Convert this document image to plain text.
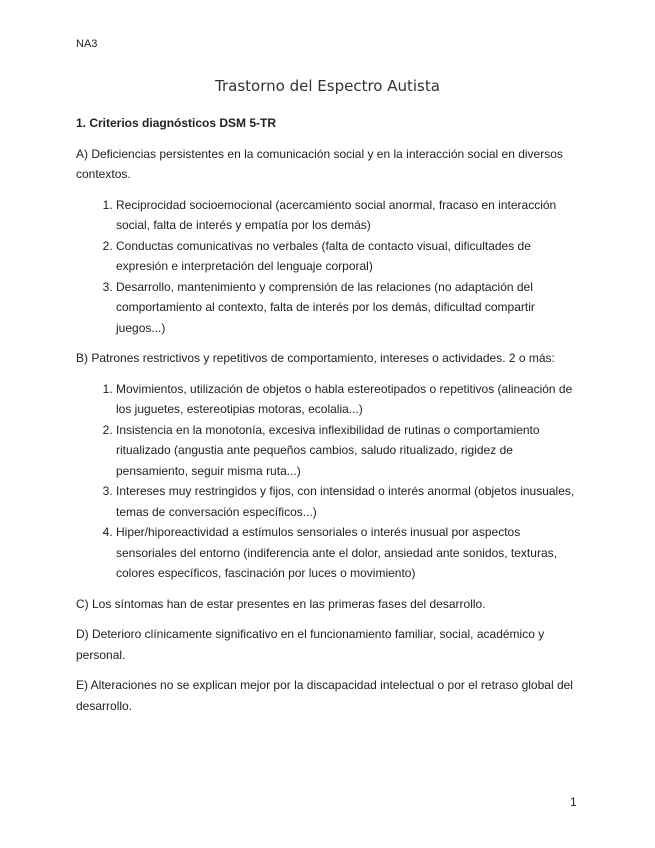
NA3
Trastorno del Espectro Autista
1. Criterios diagnósticos DSM 5-TR

A) Deficiencias persistentes en la comunicación social y en la interacción social en diversos contextos.

1. Reciprocidad socioemocional (acercamiento social anormal, fracaso en interacción social, falta de interés y empatía por los demás)
2. Conductas comunicativas no verbales (falta de contacto visual, dificultades de expresión e interpretación del lenguaje corporal)
3. Desarrollo, mantenimiento y comprensión de las relaciones (no adaptación del comportamiento al contexto, falta de interés por los demás, dificultad compartir juegos...)

B) Patrones restrictivos y repetitivos de comportamiento, intereses o actividades. 2 o más:

1. Movimientos, utilización de objetos o habla estereotipados o repetitivos (alineación de los juguetes, estereotipias motoras, ecolalia...)
2. Insistencia en la monotonía, excesiva inflexibilidad de rutinas o comportamiento ritualizado (angustia ante pequeños cambios, saludo ritualizado, rigidez de pensamiento, seguir misma ruta...)
3. Intereses muy restringidos y fijos, con intensidad o interés anormal (objetos inusuales, temas de conversación específicos...)
4. Hiper/hiporeactividad a estímulos sensoriales o interés inusual por aspectos sensoriales del entorno (indiferencia ante el dolor, ansiedad ante sonidos, texturas, colores específicos, fascinación por luces o movimiento)

C) Los síntomas han de estar presentes en las primeras fases del desarrollo.

D) Deterioro clínicamente significativo en el funcionamiento familiar, social, académico y personal.

E) Alteraciones no se explican mejor por la discapacidad intelectual o por el retraso global del desarrollo.

1
